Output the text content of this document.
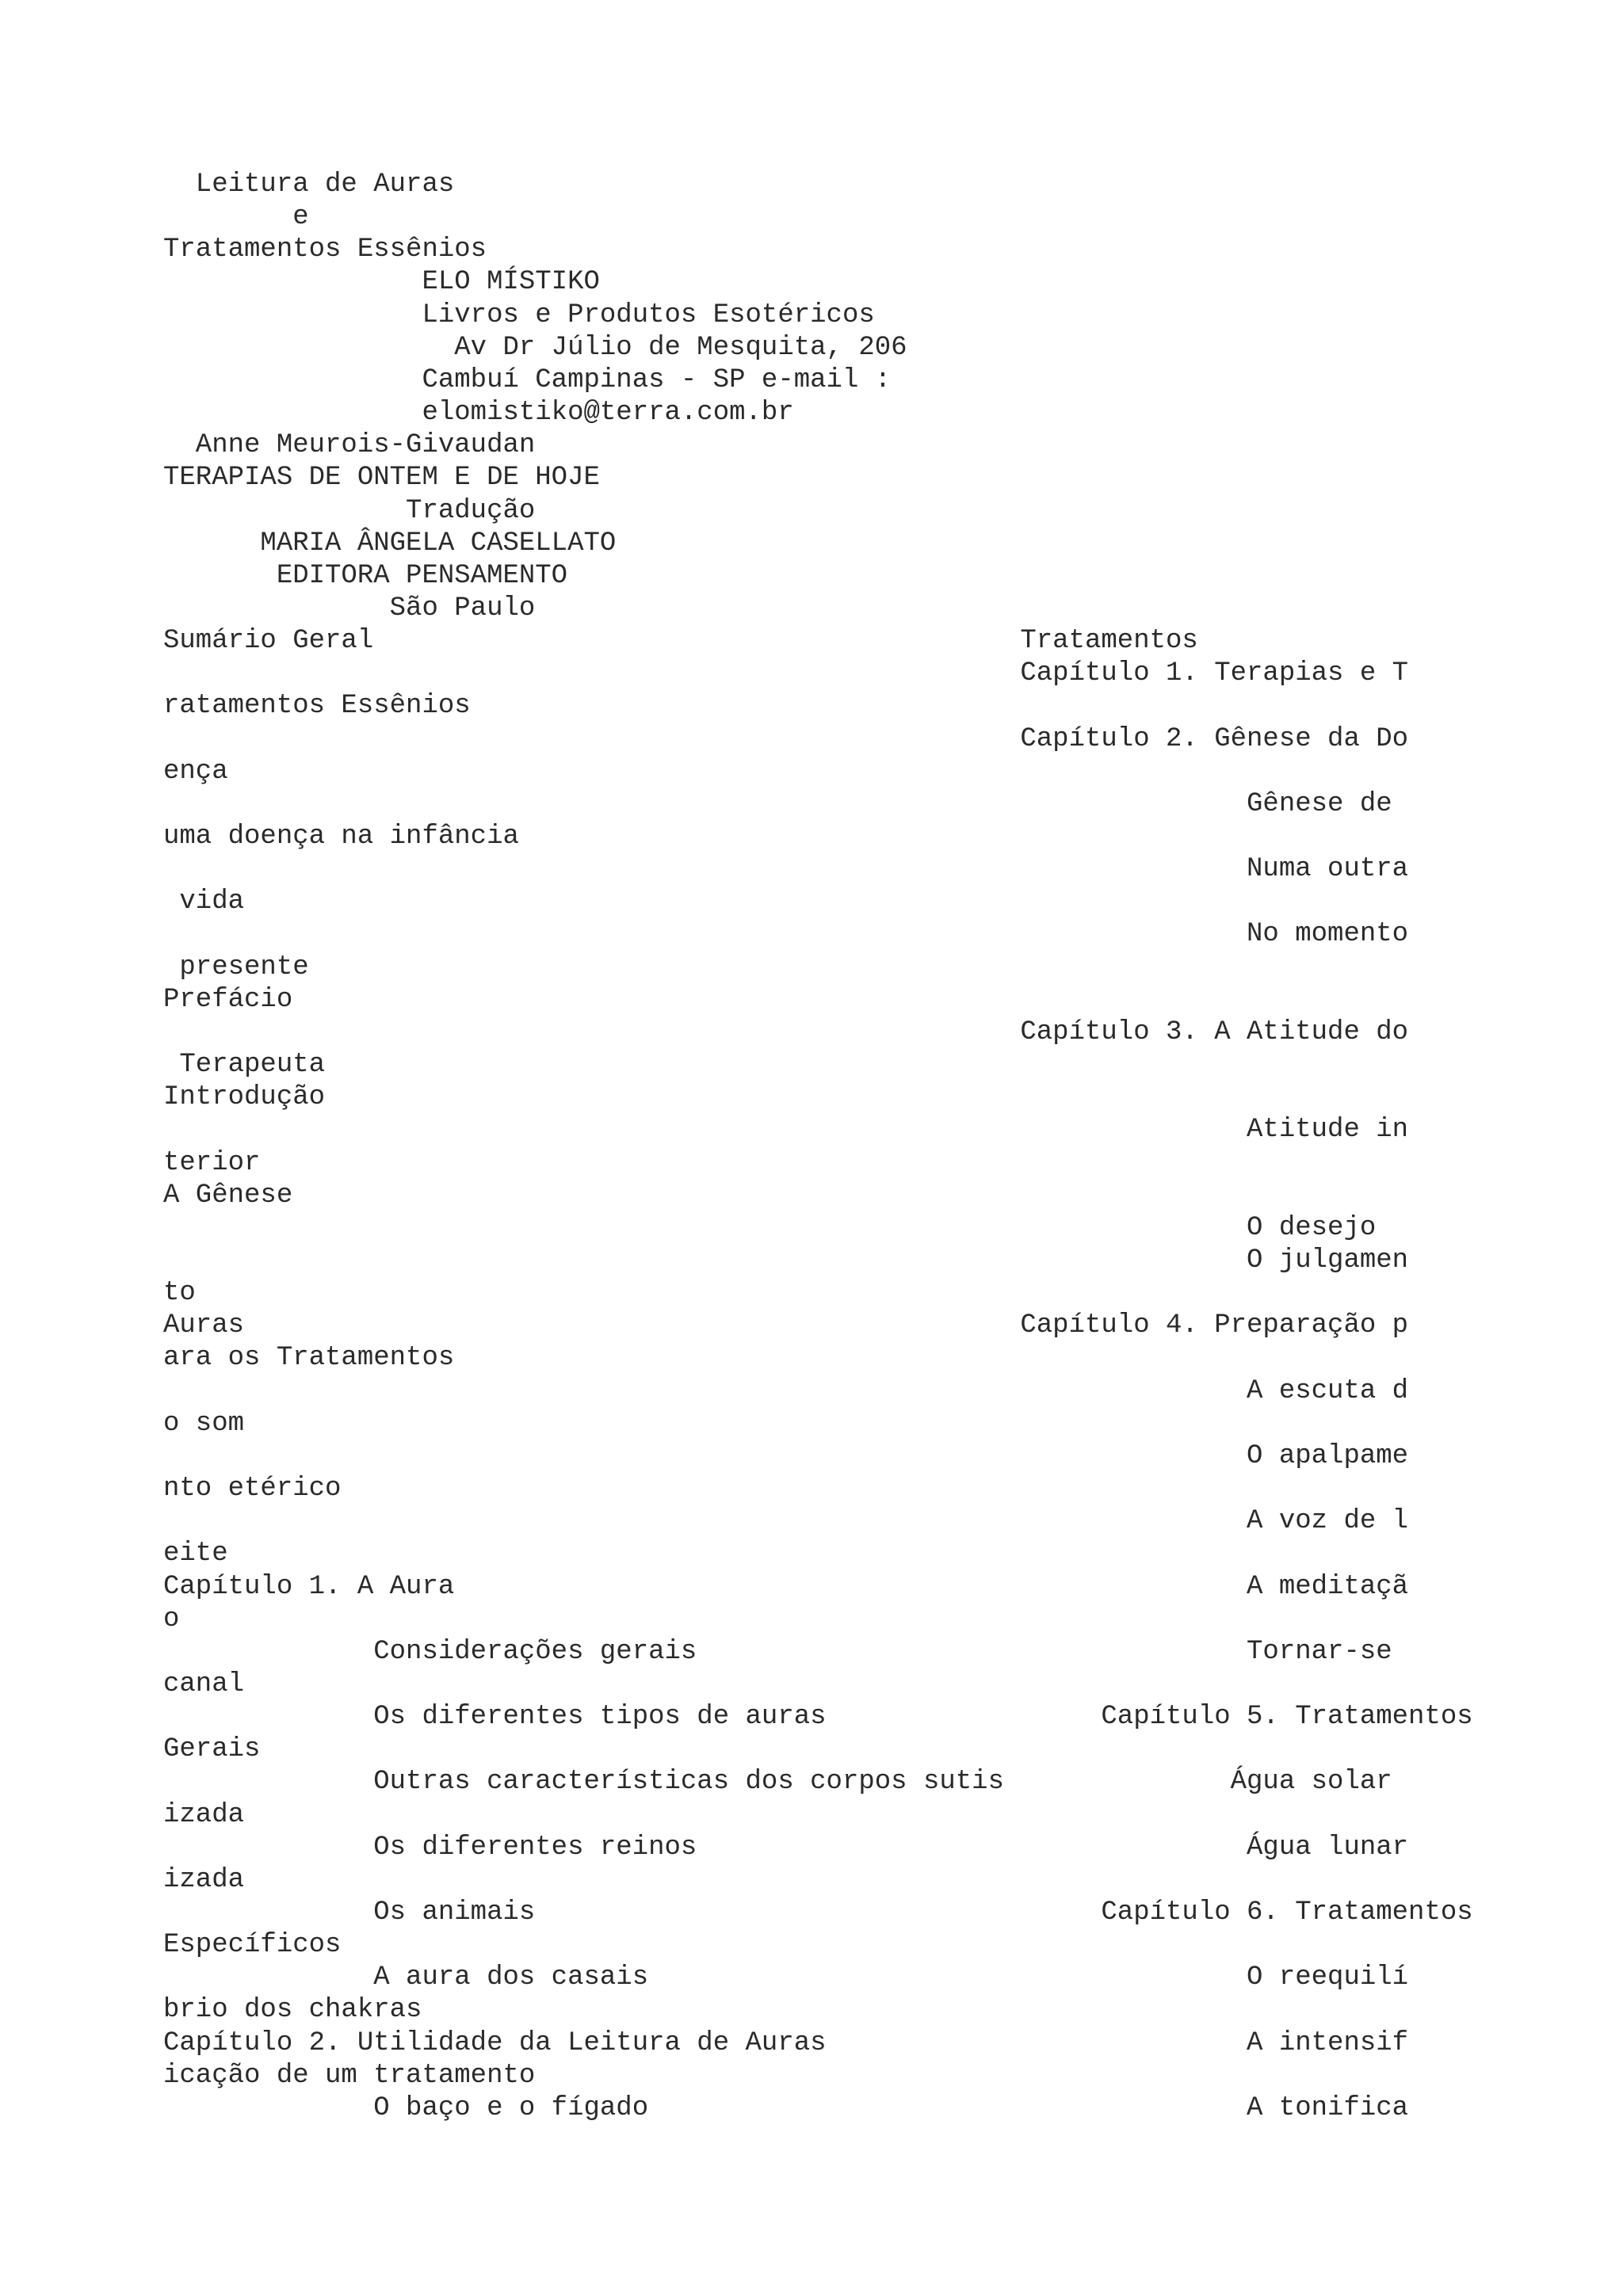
Leitura de Auras
e
Tratamentos Essênios
ELO MÍSTIKO
Livros e Produtos Esotéricos
Av Dr Júlio de Mesquita, 206
Cambuí Campinas - SP e-mail :
elomistiko@terra.com.br
Anne Meurois-Givaudan
TERAPIAS DE ONTEM E DE HOJE
Tradução
MARIA ÂNGELA CASELLATO
EDITORA PENSAMENTO
São Paulo
Sumário Geral                                        Tratamentos
Capítulo 1. Terapias e T
ratamentos Essênios
Capítulo 2. Gênese da Do
ença
Gênese de
uma doença na infância
Numa outra
vida
No momento
presente
Prefácio
Capítulo 3. A Atitude do
Terapeuta
Introdução
Atitude in
terior
A Gênese
O desejo
O julgamen
to
Auras                                                Capítulo 4. Preparação p
ara os Tratamentos
A escuta d
o som
O apalpame
nto etérico
A voz de l
eite
Capítulo 1. A Aura                                                 A meditaçã
o
Considerações gerais                                  Tornar-se
canal
Os diferentes tipos de auras                 Capítulo 5. Tratamentos
Gerais
Outras características dos corpos sutis              Água solar
izada
Os diferentes reinos                                  Água lunar
izada
Os animais                                   Capítulo 6. Tratamentos
Específicos
A aura dos casais                                     O reequilí
brio dos chakras
Capítulo 2. Utilidade da Leitura de Auras                          A intensif
icação de um tratamento
O baço e o fígado                                     A tonifica
